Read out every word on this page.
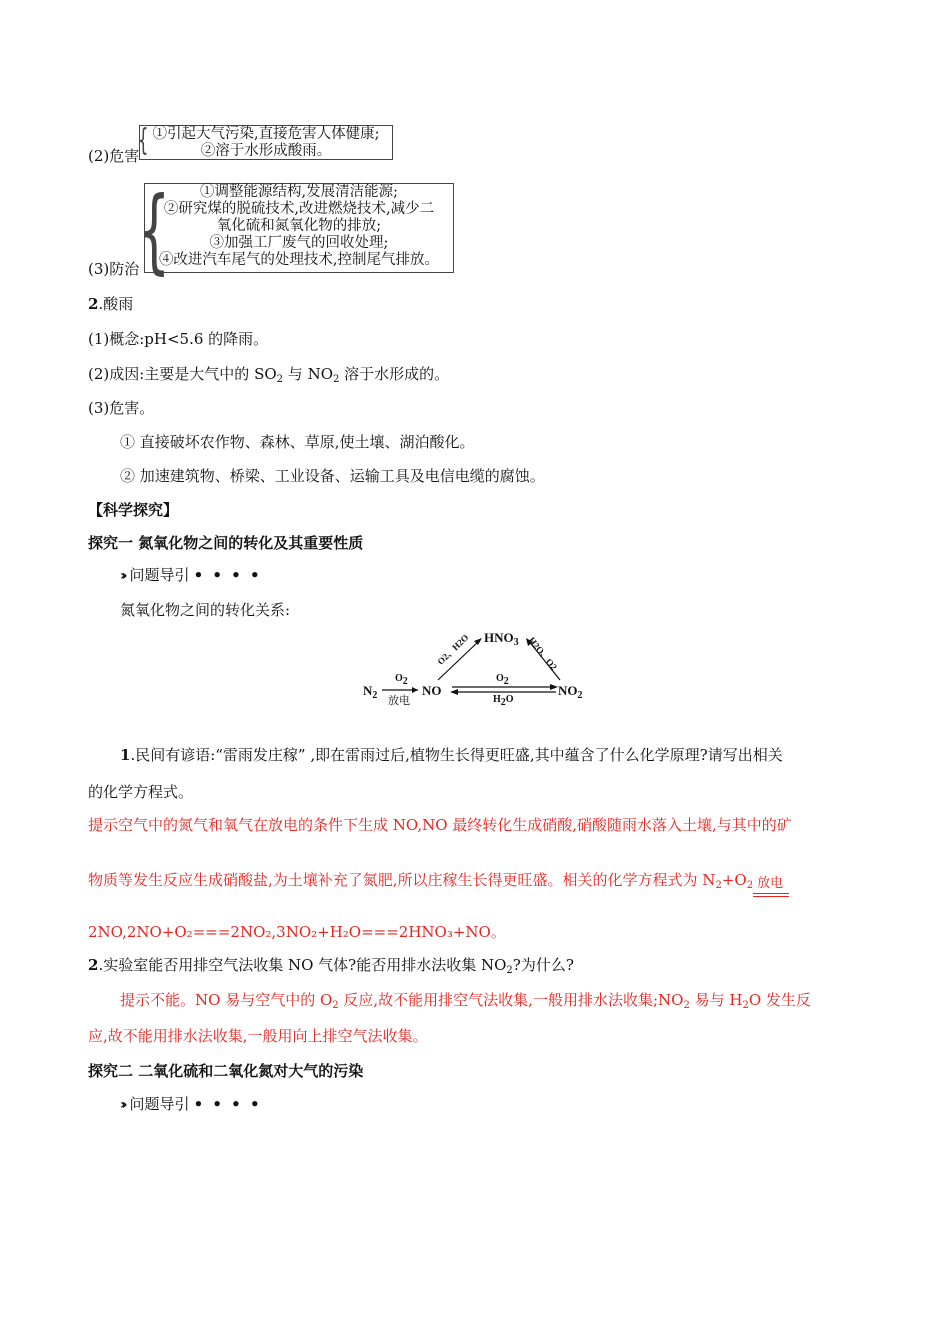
(2)危害
{ ①引起大气污染,直接危害人体健康;
②溶于水形成酸雨。
(3)防治
{	①调整能源结构,发展清洁能源;
②研究煤的脱硫技术,改进燃烧技术,减少二
氧化硫和氮氧化物的排放;
③加强工厂废气的回收处理;
④改进汽车尾气的处理技术,控制尾气排放。
2.酸雨
(1)概念:pH<5.6 的降雨。
(2)成因:主要是大气中的 $SO_2$ 与 $NO_2$ 溶于水形成的。
(3)危害。
① 直接破坏农作物、森林、草原,使土壤、湖泊酸化。
② 加速建筑物、桥梁、工业设备、运输工具及电信电缆的腐蚀。
【科学探究】
探究一 氮氧化物之间的转化及其重要性质
›› 问题导引 • • • •
氮氧化物之间的转化关系:
$N_2$
$O_2$
放电
NO	$NO_2$
$HNO_3$
$O_2$
$H_2O$
O2、H2O	H2O、O2
1.民间有谚语:“雷雨发庄稼” ,即在雷雨过后,植物生长得更旺盛,其中蕴含了什么化学原理?请写出相关
的化学方程式。
提示空气中的氮气和氧气在放电的条件下生成 NO,NO 最终转化生成硝酸,硝酸随雨水落入土壤,与其中的矿
物质等发生反应生成硝酸盐,为土壤补充了氮肥,所以庄稼生长得更旺盛。相关的化学方程式为 $N_2+O_2$ 放电
2NO,2NO+O₂===2NO₂,3NO₂+H₂O===2HNO₃+NO。
2.实验室能否用排空气法收集 NO 气体?能否用排水法收集 $NO_2$?为什么?
提示不能。NO 易与空气中的 $O_2$ 反应,故不能用排空气法收集,一般用排水法收集$;NO_2$ 易与 $H_2O$ 发生反
应,故不能用排水法收集,一般用向上排空气法收集。
探究二 二氧化硫和二氧化氮对大气的污染
›› 问题导引 • • • •
